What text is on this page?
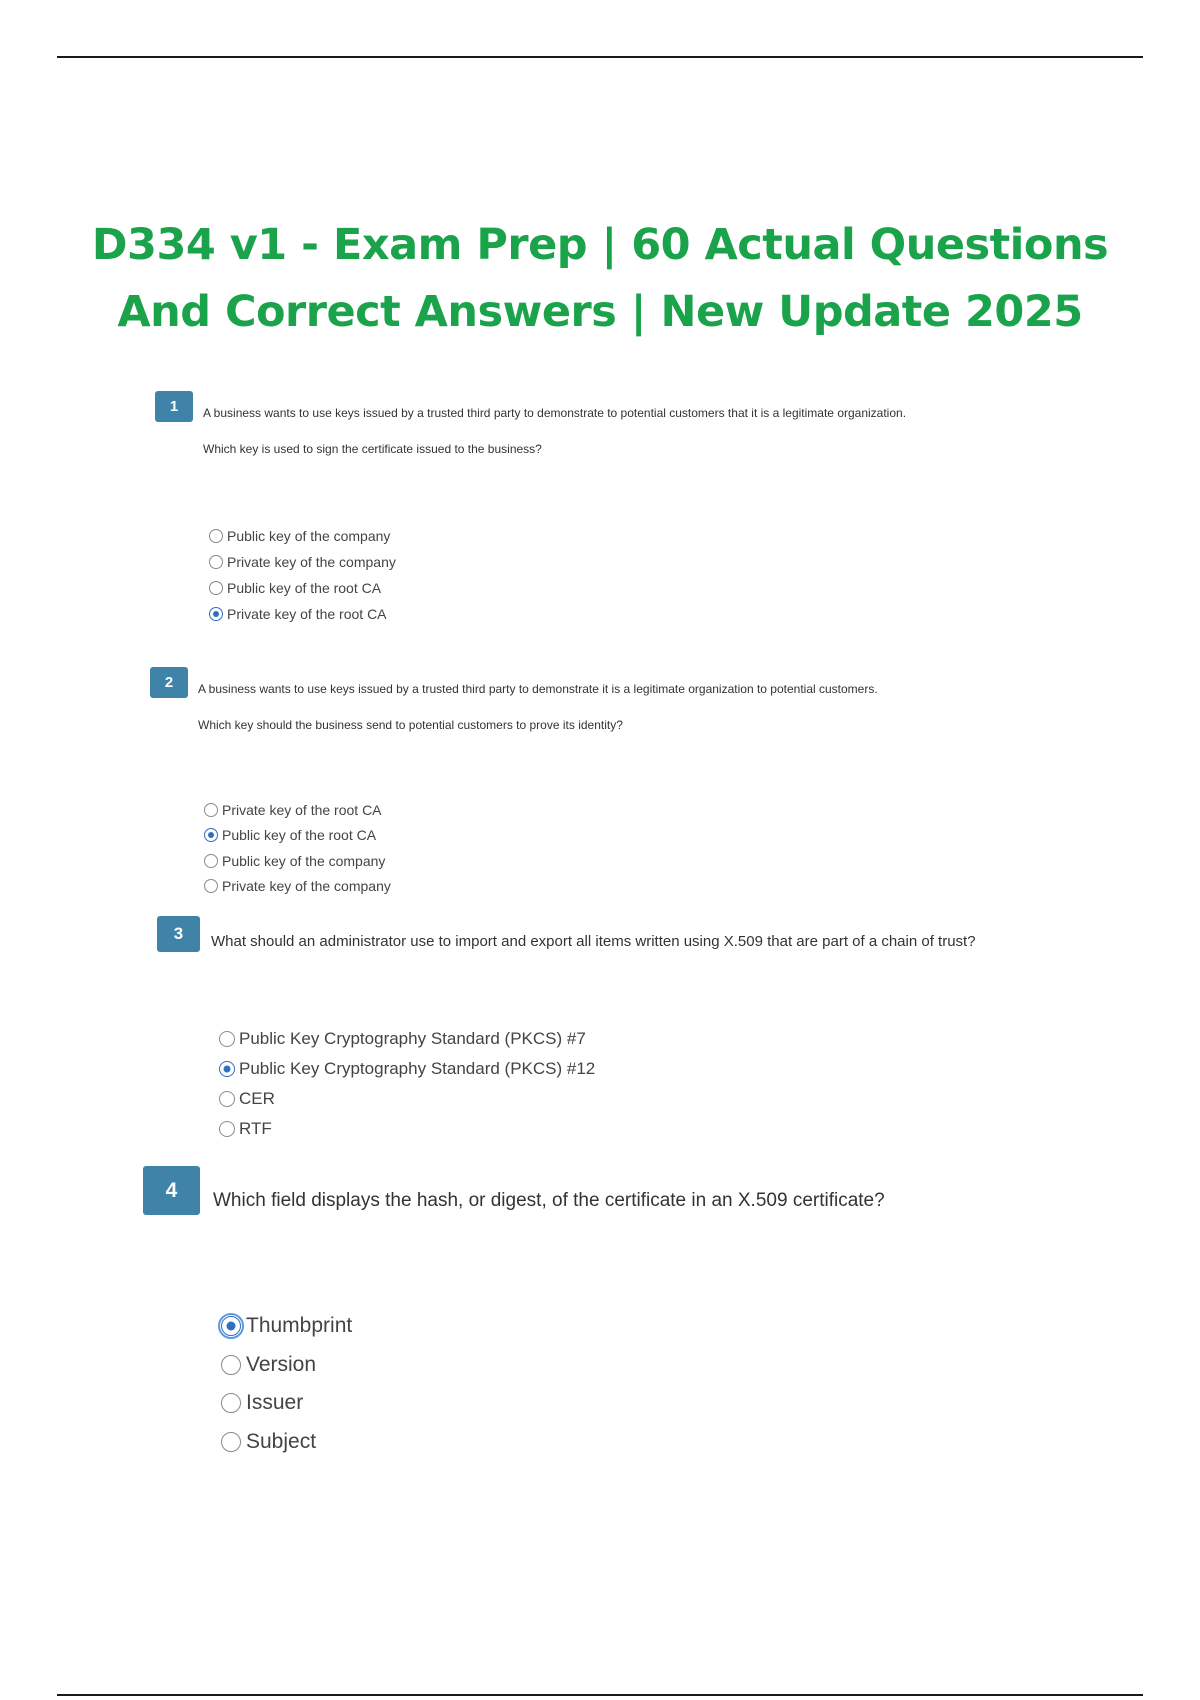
D334 v1 - Exam Prep | 60 Actual Questions
And Correct Answers | New Update 2025
1	A business wants to use keys issued by a trusted third party to demonstrate to potential customers that it is a legitimate organization.

Which key is used to sign the certificate issued to the business?

Public key of the company
Private key of the company
Public key of the root CA
Private key of the root CA
2	A business wants to use keys issued by a trusted third party to demonstrate it is a legitimate organization to potential customers.

Which key should the business send to potential customers to prove its identity?

Private key of the root CA
Public key of the root CA
Public key of the company
Private key of the company
3	What should an administrator use to import and export all items written using X.509 that are part of a chain of trust?

Public Key Cryptography Standard (PKCS) #7
Public Key Cryptography Standard (PKCS) #12
CER
RTF
4	Which field displays the hash, or digest, of the certificate in an X.509 certificate?

Thumbprint
Version
Issuer
Subject
